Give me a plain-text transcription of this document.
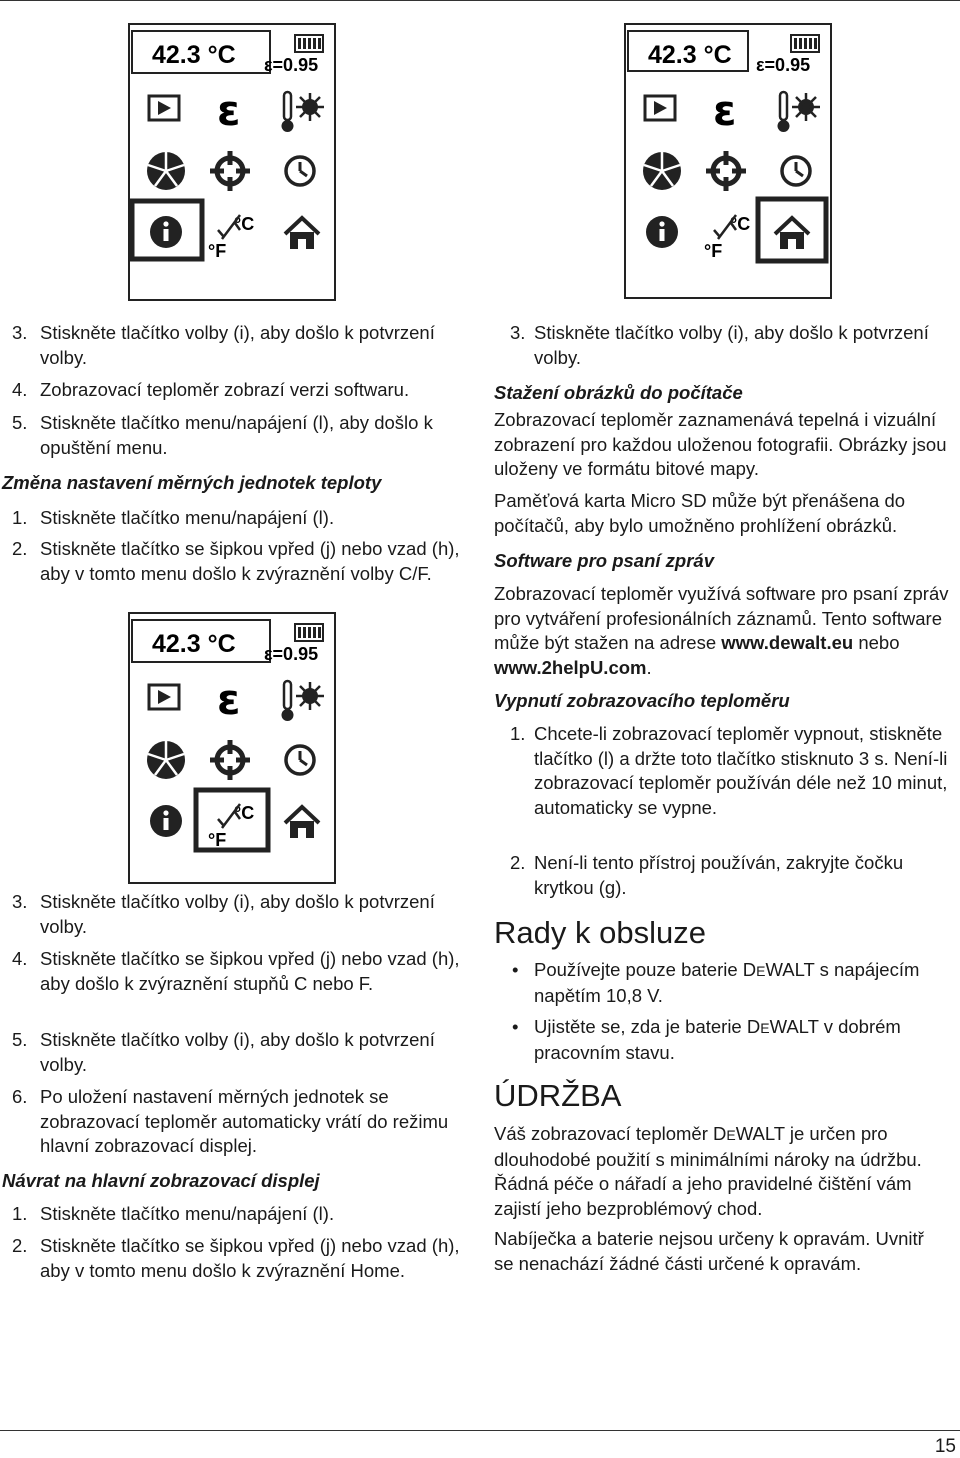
42.3 °C ε=0.95
ε
°C
°F
3. Stiskněte tlačítko volby (i), aby došlo k potvrzení volby.
4. Zobrazovací teploměr zobrazí verzi softwaru.
5. Stiskněte tlačítko menu/napájení (l), aby došlo k opuštění menu.
Změna nastavení měrných jednotek teploty
1. Stiskněte tlačítko menu/napájení (l).
2. Stiskněte tlačítko se šipkou vpřed (j) nebo vzad (h), aby v tomto menu došlo k zvýraznění volby C/F.
42.3 °C ε=0.95
ε
°C
°F
3. Stiskněte tlačítko volby (i), aby došlo k potvrzení volby.
4. Stiskněte tlačítko se šipkou vpřed (j) nebo vzad (h), aby došlo k zvýraznění stupňů C nebo F.
5. Stiskněte tlačítko volby (i), aby došlo k potvrzení volby.
6. Po uložení nastavení měrných jednotek se zobrazovací teploměr automaticky vrátí do režimu hlavní zobrazovací displej.
Návrat na hlavní zobrazovací displej
1. Stiskněte tlačítko menu/napájení (l).
2. Stiskněte tlačítko se šipkou vpřed (j) nebo vzad (h), aby v tomto menu došlo k zvýraznění Home.
42.3 °C ε=0.95
ε
°C
°F
3. Stiskněte tlačítko volby (i), aby došlo k potvrzení volby.
Stažení obrázků do počítače
Zobrazovací teploměr zaznamenává tepelná i vizuální zobrazení pro každou uloženou fotografii. Obrázky jsou uloženy ve formátu bitové mapy.
Paměťová karta Micro SD může být přenášena do počítačů, aby bylo umožněno prohlížení obrázků.
Software pro psaní zpráv
Zobrazovací teploměr využívá software pro psaní zpráv pro vytváření profesionálních záznamů. Tento software může být stažen na adrese www.dewalt.eu nebo www.2helpU.com.
Vypnutí zobrazovacího teploměru
1. Chcete-li zobrazovací teploměr vypnout, stiskněte tlačítko (l) a držte toto tlačítko stisknuto 3 s. Není-li zobrazovací teploměr používán déle než 10 minut, automaticky se vypne.
2. Není-li tento přístroj používán, zakryjte čočku krytkou (g).
Rady k obsluze
• Používejte pouze baterie DEWALT s napájecím napětím 10,8 V.
• Ujistěte se, zda je baterie DEWALT v dobrém pracovním stavu.
ÚDRŽBA
Váš zobrazovací teploměr DEWALT je určen pro dlouhodobé použití s minimálními nároky na údržbu. Řádná péče o nářadí a jeho pravidelné čištění vám zajistí jeho bezproblémový chod.
Nabíječka a baterie nejsou určeny k opravám. Uvnitř se nenachází žádné části určené k opravám.
15
